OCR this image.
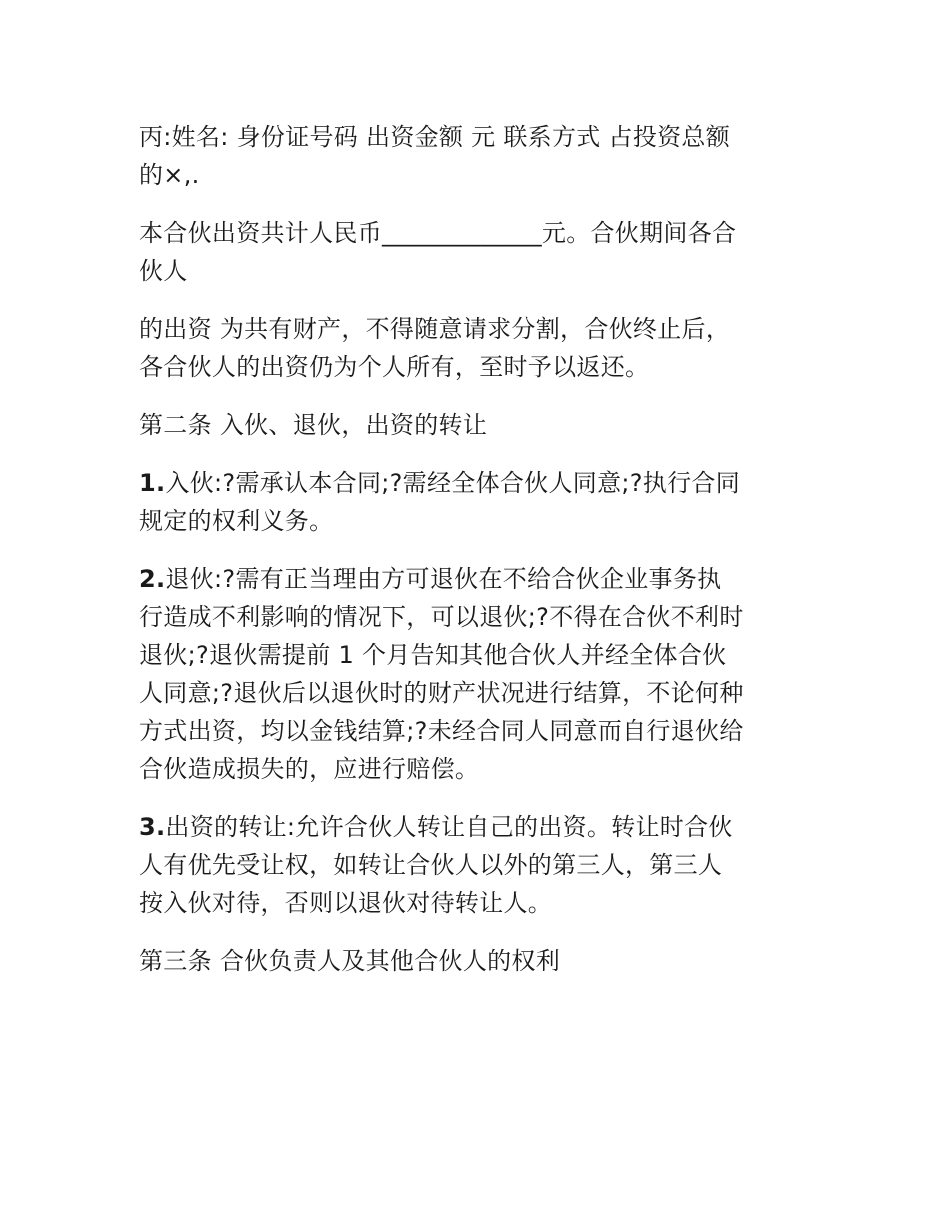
丙:姓名: 身份证号码 出资金额 元 联系方式 占投资总额
的×,.

本合伙出资共计人民币_____________元。合伙期间各合
伙人

的出资 为共有财产，不得随意请求分割，合伙终止后，
各合伙人的出资仍为个人所有，至时予以返还。

第二条 入伙、退伙，出资的转让

1.入伙:?需承认本合同;?需经全体合伙人同意;?执行合同
规定的权利义务。

2.退伙:?需有正当理由方可退伙在不给合伙企业事务执
行造成不利影响的情况下，可以退伙;?不得在合伙不利时
退伙;?退伙需提前 1 个月告知其他合伙人并经全体合伙
人同意;?退伙后以退伙时的财产状况进行结算，不论何种
方式出资，均以金钱结算;?未经合同人同意而自行退伙给
合伙造成损失的，应进行赔偿。

3.出资的转让:允许合伙人转让自己的出资。转让时合伙
人有优先受让权，如转让合伙人以外的第三人，第三人
按入伙对待，否则以退伙对待转让人。

第三条 合伙负责人及其他合伙人的权利
